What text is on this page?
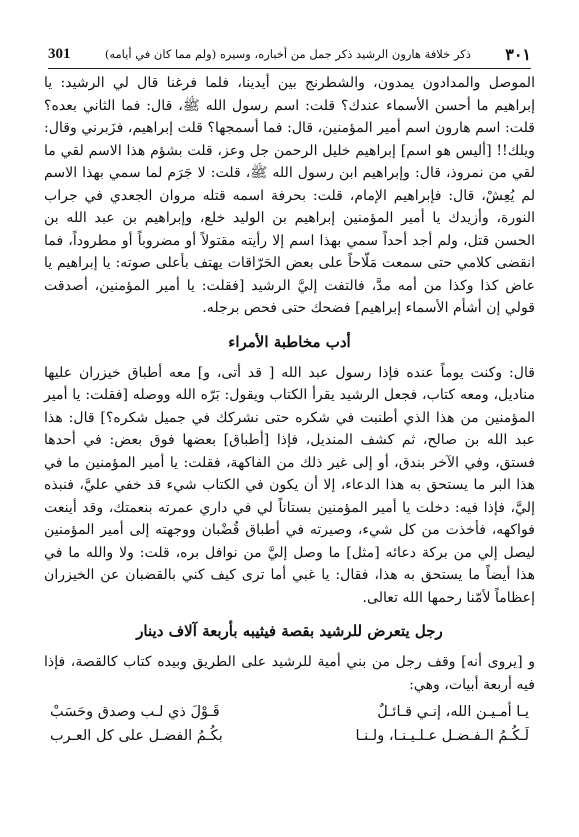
٣٠١
ذكر خلافة هارون الرشيد ذكر جمل من أخباره، وسيره (ولم مما كان في أيامه)
301

الموصل والمدادون يمدون، والشطرنج بين أيدينا، فلما فرغنا قال لي الرشيد: يا إبراهيم ما أحسن الأسماء عندك؟ قلت: اسم رسول الله ﷺ، قال: فما الثاني بعده؟ قلت: اسم هارون اسم أمير المؤمنين، قال: فما أسمجها؟ قلت إبراهيم، فزَبرني وقال: ويلك!! [أليس هو اسم] إبراهيم خليل الرحمن جل وعز، قلت بشؤم هذا الاسم لقي ما لقي من نمروذ، قال: وإبراهيم ابن رسول الله ﷺ، قلت: لا جَرَم لما سمي بهذا الاسم لم يُعِشْ، قال: فإبراهيم الإمام، قلت: بحرفة اسمه قتله مروان الجعدي في جراب النورة، وأزيدك يا أمير المؤمنين إبراهيم بن الوليد خلع، وإبراهيم بن عبد الله بن الحسن قتل، ولم أجد أحداً سمي بهذا اسم إلا رأيته مقتولاً أو مضروباً أو مطروداً، فما انقضى كلامي حتى سمعت مَلّاحاً على بعض الحَرّاقات يهتف بأعلى صوته: يا إبراهيم يا عاض كذا وكذا من أمه مدَّ، فالتفت إليَّ الرشيد [فقلت: يا أمير المؤمنين، أصدقت قولي إن أشأم الأسماء إبراهيم] فضحك حتى فحص برجله.

أدب مخاطبة الأمراء

قال: وكنت يوماً عنده فإذا رسول عبد الله [ قد أتى، و] معه أطباق خيزران عليها مناديل، ومعه كتاب، فجعل الرشيد يقرأ الكتاب ويقول: بَرّه الله ووصله [فقلت: يا أمير المؤمنين من هذا الذي أطنبت في شكره حتى نشركك في جميل شكره؟] قال: هذا عبد الله بن صالح، ثم كشف المنديل، فإذا [أطباق] بعضها فوق بعض: في أحدها فستق، وفي الآخر بندق، أو إلى غير ذلك من الفاكهة، فقلت: يا أمير المؤمنين ما في هذا البر ما يستحق به هذا الدعاء، إلا أن يكون في الكتاب شيء قد خفي عليَّ، فنبذه إليَّ، فإذا فيه: دخلت يا أمير المؤمنين بستاناً لي في داري عمرته بنعمتك، وقد أينعت فواكهه، فأخذت من كل شيء، وصيرته في أطباق قُضْبان ووجهته إلى أمير المؤمنين ليصل إلي من بركة دعائه [مثل] ما وصل إليَّ من نوافل بره، قلت: ولا والله ما في هذا أيضاً ما يستحق به هذا، فقال: يا غبي أما ترى كيف كني بالقضبان عن الخيزران إعظاماً لأمّنا رحمها الله تعالى.

رجل يتعرض للرشيد بقصة فيثيبه بأربعة آلاف دينار

و [يروى أنه] وقف رجل من بني أمية للرشيد على الطريق وبيده كتاب كالقصة، فإذا فيه أربعة أبيات، وهي:

يـا أمـيـن الله، إنـي قـائـلٌ
قَـوْلَ ذي لـب وصدق وحَسَبْ
لَـكُـمُ الـفـضـل عـلـيـنـا، ولـنـا
بكُـمُ الفضـل على كل العـرب
